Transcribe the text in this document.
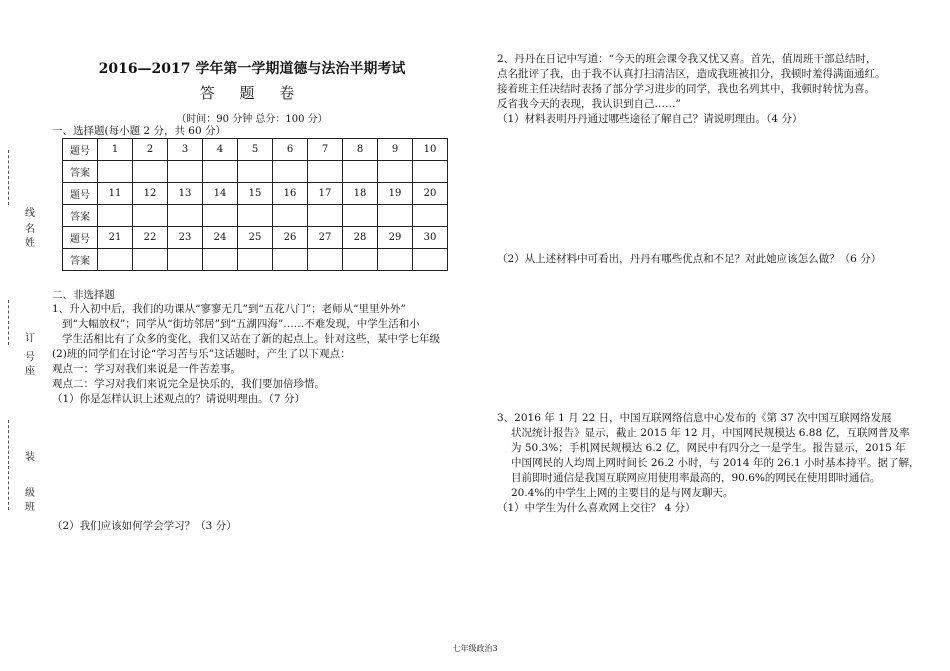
线
名
姓
订
号
座
装
级
班
2016—2017 学年第一学期道德与法治半期考试
答 题 卷
（时间：90 分钟 总分：100 分）
一、选择题(每小题 2 分，共 60 分）
题号	1	2	3	4	5	6	7	8	9	10
答案										
题号	11	12	13	14	15	16	17	18	19	20
答案										
题号	21	22	23	24	25	26	27	28	29	30
答案										
二、非选择题
1、升入初中后，我们的功课从“寥寥无几”到“五花八门”；老师从“里里外外”
到“大幅放权”；同学从“街坊邻居”到“五湖四海”……不难发现，中学生活和小
学生活相比有了众多的变化，我们又站在了新的起点上。针对这些，某中学七年级
(2)班的同学们在讨论“学习苦与乐”这话题时，产生了以下观点：
观点一：学习对我们来说是一件苦差事。
观点二：学习对我们来说完全是快乐的，我们要加倍珍惜。
（1）你是怎样认识上述观点的？请说明理由。（7 分）
（2）我们应该如何学会学习？（3 分）
2、丹丹在日记中写道：“今天的班会课令我又忧又喜。首先，值周班干部总结时，
点名批评了我，由于我不认真打扫清洁区，造成我班被扣分，我顿时羞得满面通红。
接着班主任决结时表扬了部分学习进步的同学，我也名列其中，我顿时转忧为喜。
反省我今天的表现，我认识到自己……”
（1）材料表明丹丹通过哪些途径了解自己？请说明理由。（4 分）
（2）从上述材料中可看出，丹丹有哪些优点和不足？对此她应该怎么做？（6 分）
3、2016 年 1 月 22 日，中国互联网络信息中心发布的《第 37 次中国互联网络发展
状况统计报告》显示，截止 2015 年 12 月，中国网民规模达 6.88 亿，互联网普及率
为 50.3%；手机网民规模达 6.2 亿，网民中有四分之一是学生。报告显示，2015 年
中国网民的人均周上网时间长 26.2 小时，与 2014 年的 26.1 小时基本持平。据了解，
目前即时通信是我国互联网应用使用率最高的，90.6%的网民在使用即时通信。
20.4%的中学生上网的主要目的是与网友聊天。
（1）中学生为什么喜欢网上交往？ 4 分）
七年级政治3
